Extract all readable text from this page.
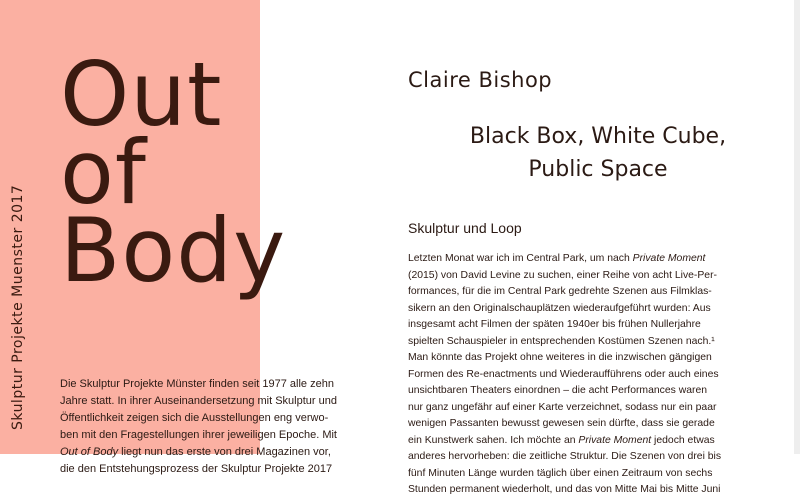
Out
of
Body
Skulptur Projekte Muenster 2017	Die Skulptur Projekte Münster finden seit 1977 alle zehn
Jahre statt. In ihrer Auseinandersetzung mit Skulptur und
Öffentlichkeit zeigen sich die Ausstellungen eng verwo-
ben mit den Fragestellungen ihrer jeweiligen Epoche. Mit
Out of Body liegt nun das erste von drei Magazinen vor,
die den Entstehungsprozess der Skulptur Projekte 2017

Claire Bishop
Black Box, White Cube,
Public Space
Skulptur und Loop

Letzten Monat war ich im Central Park, um nach Private Moment
(2015) von David Levine zu suchen, einer Reihe von acht Live-Per-
formances, für die im Central Park gedrehte Szenen aus Filmklas-
sikern an den Originalschauplätzen wiederaufgeführt wurden: Aus
insgesamt acht Filmen der späten 1940er bis frühen Nullerjahre
spielten Schauspieler in entsprechenden Kostümen Szenen nach.¹
Man könnte das Projekt ohne weiteres in die inzwischen gängigen
Formen des Re-enactments und Wiederaufführens oder auch eines
unsichtbaren Theaters einordnen – die acht Performances waren
nur ganz ungefähr auf einer Karte verzeichnet, sodass nur ein paar
wenigen Passanten bewusst gewesen sein dürfte, dass sie gerade
ein Kunstwerk sahen. Ich möchte an Private Moment jedoch etwas
anderes hervorheben: die zeitliche Struktur. Die Szenen von drei bis
fünf Minuten Länge wurden täglich über einen Zeitraum von sechs
Stunden permanent wiederholt, und das von Mitte Mai bis Mitte Juni
